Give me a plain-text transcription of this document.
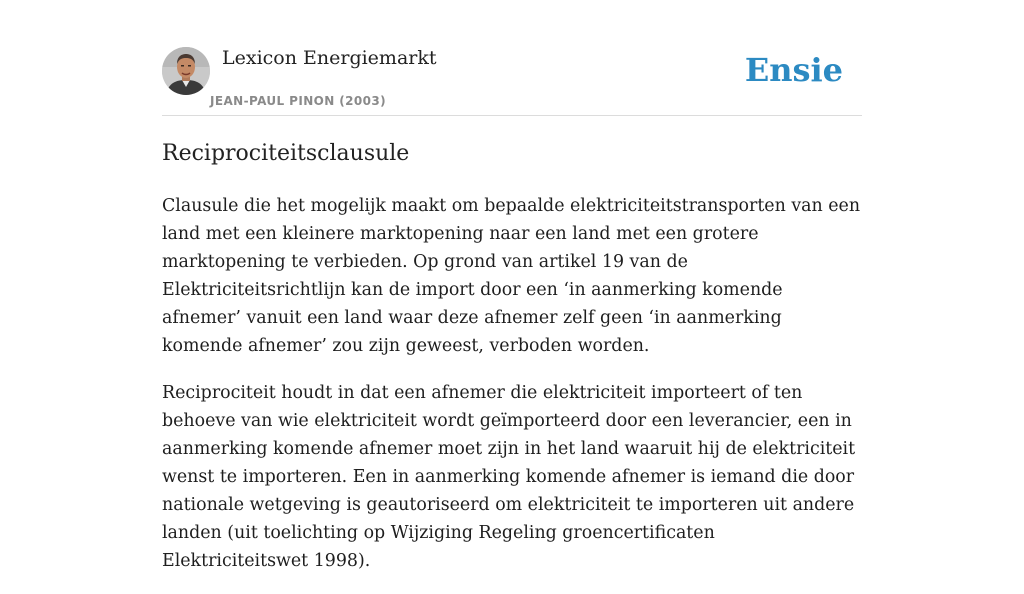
Lexicon Energiemarkt
JEAN-PAUL PINON (2003)
Ensie
Reciprociteitsclausule

Clausule die het mogelijk maakt om bepaalde elektriciteitstransporten van een land met een kleinere marktopening naar een land met een grotere marktopening te verbieden. Op grond van artikel 19 van de Elektriciteitsrichtlijn kan de import door een ‘in aanmerking komende afnemer’ vanuit een land waar deze afnemer zelf geen ‘in aanmerking komende afnemer’ zou zijn geweest, verboden worden.

Reciprociteit houdt in dat een afnemer die elektriciteit importeert of ten behoeve van wie elektriciteit wordt geïmporteerd door een leverancier, een in aanmerking komende afnemer moet zijn in het land waaruit hij de elektriciteit wenst te importeren. Een in aanmerking komende afnemer is iemand die door nationale wetgeving is geautoriseerd om elektriciteit te importeren uit andere landen (uit toelichting op Wijziging Regeling groencertificaten Elektriciteitswet 1998).
